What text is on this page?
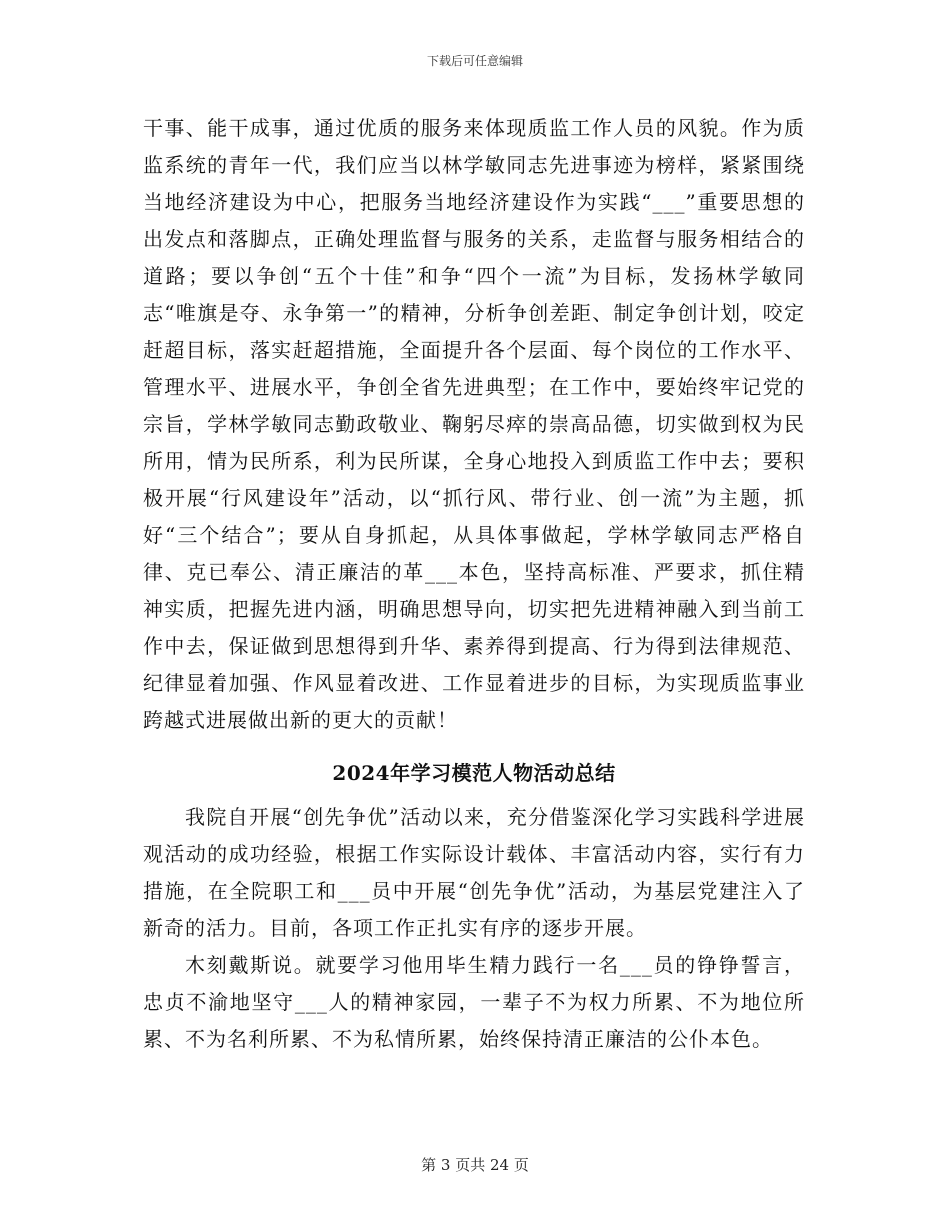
下载后可任意编辑

干事、能干成事，通过优质的服务来体现质监工作人员的风貌。作为质监系统的青年一代，我们应当以林学敏同志先进事迹为榜样，紧紧围绕当地经济建设为中心，把服务当地经济建设作为实践“___”重要思想的出发点和落脚点，正确处理监督与服务的关系，走监督与服务相结合的道路；要以争创“五个十佳”和争“四个一流”为目标，发扬林学敏同志“唯旗是夺、永争第一”的精神，分析争创差距、制定争创计划，咬定赶超目标，落实赶超措施，全面提升各个层面、每个岗位的工作水平、管理水平、进展水平，争创全省先进典型；在工作中，要始终牢记党的宗旨，学林学敏同志勤政敬业、鞠躬尽瘁的崇高品德，切实做到权为民所用，情为民所系，利为民所谋，全身心地投入到质监工作中去；要积极开展“行风建设年”活动，以“抓行风、带行业、创一流”为主题，抓好“三个结合”；要从自身抓起，从具体事做起，学林学敏同志严格自律、克已奉公、清正廉洁的革___本色，坚持高标准、严要求，抓住精神实质，把握先进内涵，明确思想导向，切实把先进精神融入到当前工作中去，保证做到思想得到升华、素养得到提高、行为得到法律规范、纪律显着加强、作风显着改进、工作显着进步的目标，为实现质监事业跨越式进展做出新的更大的贡献！

2024年学习模范人物活动总结

我院自开展“创先争优”活动以来，充分借鉴深化学习实践科学进展观活动的成功经验，根据工作实际设计载体、丰富活动内容，实行有力措施，在全院职工和___员中开展“创先争优”活动，为基层党建注入了新奇的活力。目前，各项工作正扎实有序的逐步开展。

木刻戴斯说。就要学习他用毕生精力践行一名___员的铮铮誓言，忠贞不渝地坚守___人的精神家园，一辈子不为权力所累、不为地位所累、不为名利所累、不为私情所累，始终保持清正廉洁的公仆本色。

第 3 页共 24 页
